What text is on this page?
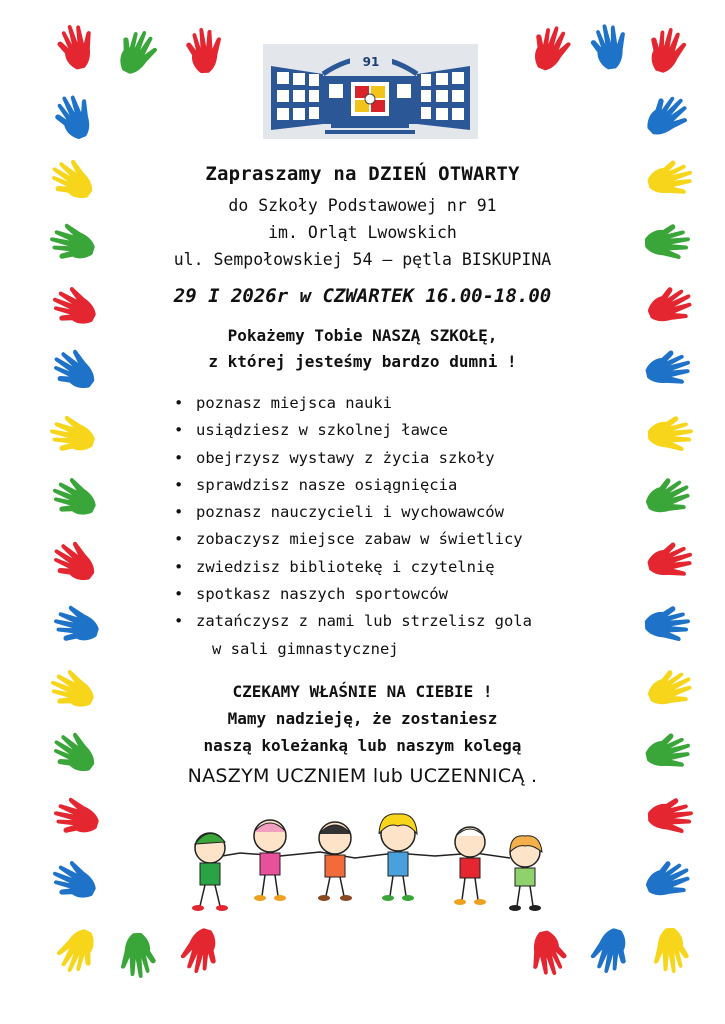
91
Zapraszamy na DZIEŃ OTWARTY
do Szkoły Podstawowej nr 91
im. Orląt Lwowskich
ul. Sempołowskiej 54 – pętla BISKUPINA
29 I 2026r w CZWARTEK 16.00-18.00
Pokażemy Tobie NASZĄ SZKOŁĘ,
z której jesteśmy bardzo dumni !
• poznasz miejsca nauki
• usiądziesz w szkolnej ławce
• obejrzysz wystawy z życia szkoły
• sprawdzisz nasze osiągnięcia
• poznasz nauczycieli i wychowawców
• zobaczysz miejsce zabaw w świetlicy
• zwiedzisz bibliotekę i czytelnię
• spotkasz naszych sportowców
• zatańczysz z nami lub strzelisz gola
w sali gimnastycznej
CZEKAMY WŁAŚNIE NA CIEBIE !
Mamy nadzieję, że zostaniesz
naszą koleżanką lub naszym kolegą
NASZYM UCZNIEM lub UCZENNICĄ .
